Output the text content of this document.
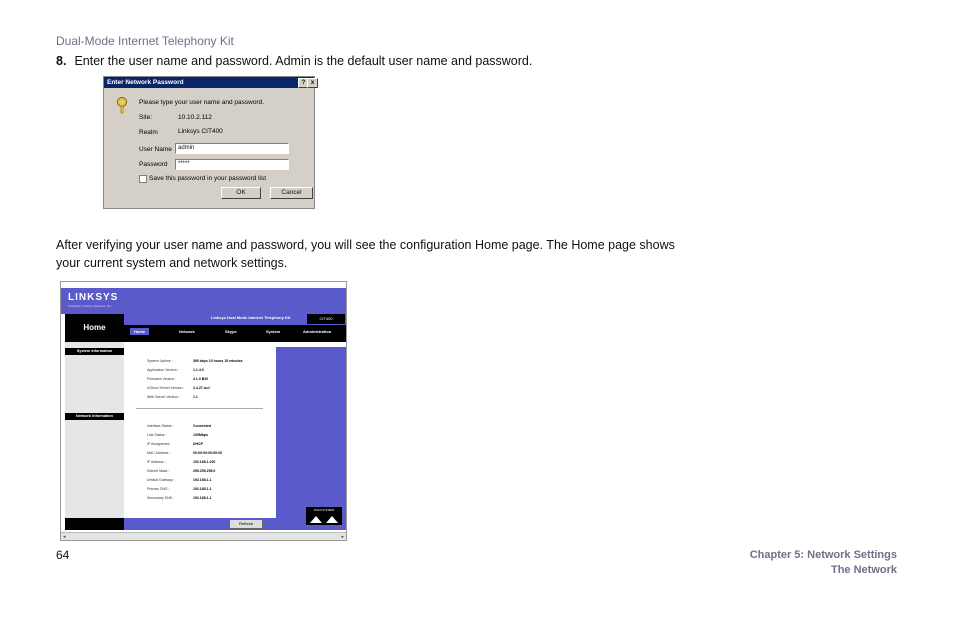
Dual-Mode Internet Telephony Kit
8. Enter the user name and password. Admin is the default user name and password.
Enter Network Password	? x
Please type your user name and password.
Site:	10.10.2.112
Realm	Linksys CIT400
User Name	admin
Password	*****
Save this password in your password list
OK	Cancel
After verifying your user name and password, you will see the configuration Home page. The Home page shows your current system and network settings.
LINKSYS
A Division of Cisco Systems, Inc.
Home
Linksys Dual Mode Internet Telephony Kit	CIT400
Home	Network	Skype	System	Administration
System Information
Network Information
System Uptime :	365 days 10 hours 15 minutes
Application Version :	1.1.4.0
Firmware Version :	4.1.0 B20
uClinux Kernel Version : 2.4.27-uc1
Web Server Version :	1.1
Interface Status :	Connected
Link Status :	100Mbps
IP Assignment :	DHCP
MAC Address :	00:00:00:00:00:00
IP Address :	192.168.1.100
Subnet Mask :	255.255.255.0
Default Gateway :	192.168.1.1
Primary DNS :	192.168.1.1
Secondary DNS :	192.168.1.1
Refresh
CISCO SYSTEMS
◂	▸
64	Chapter 5: Network Settings
The Network
